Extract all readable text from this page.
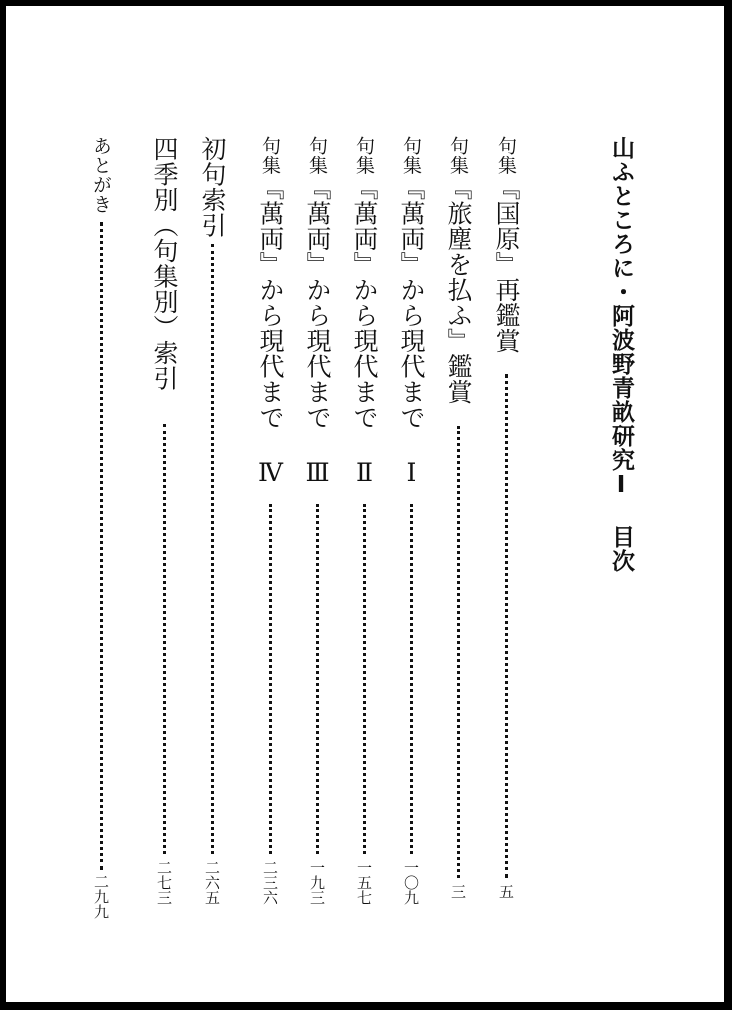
山ふところに・阿波野青畝研究Ⅰ目次
句集『国原』再鑑賞
五
句集『旅塵を払ふ』鑑賞
三
句集『萬両』から現代まで
Ⅰ
一〇九
句集『萬両』から現代まで
Ⅱ
一五七
句集『萬両』から現代まで
Ⅲ
一九三
句集『萬両』から現代まで
Ⅳ
二三六
初句索引
二六五
四季別（句集別）索引
二七三
あとがき
二九九
